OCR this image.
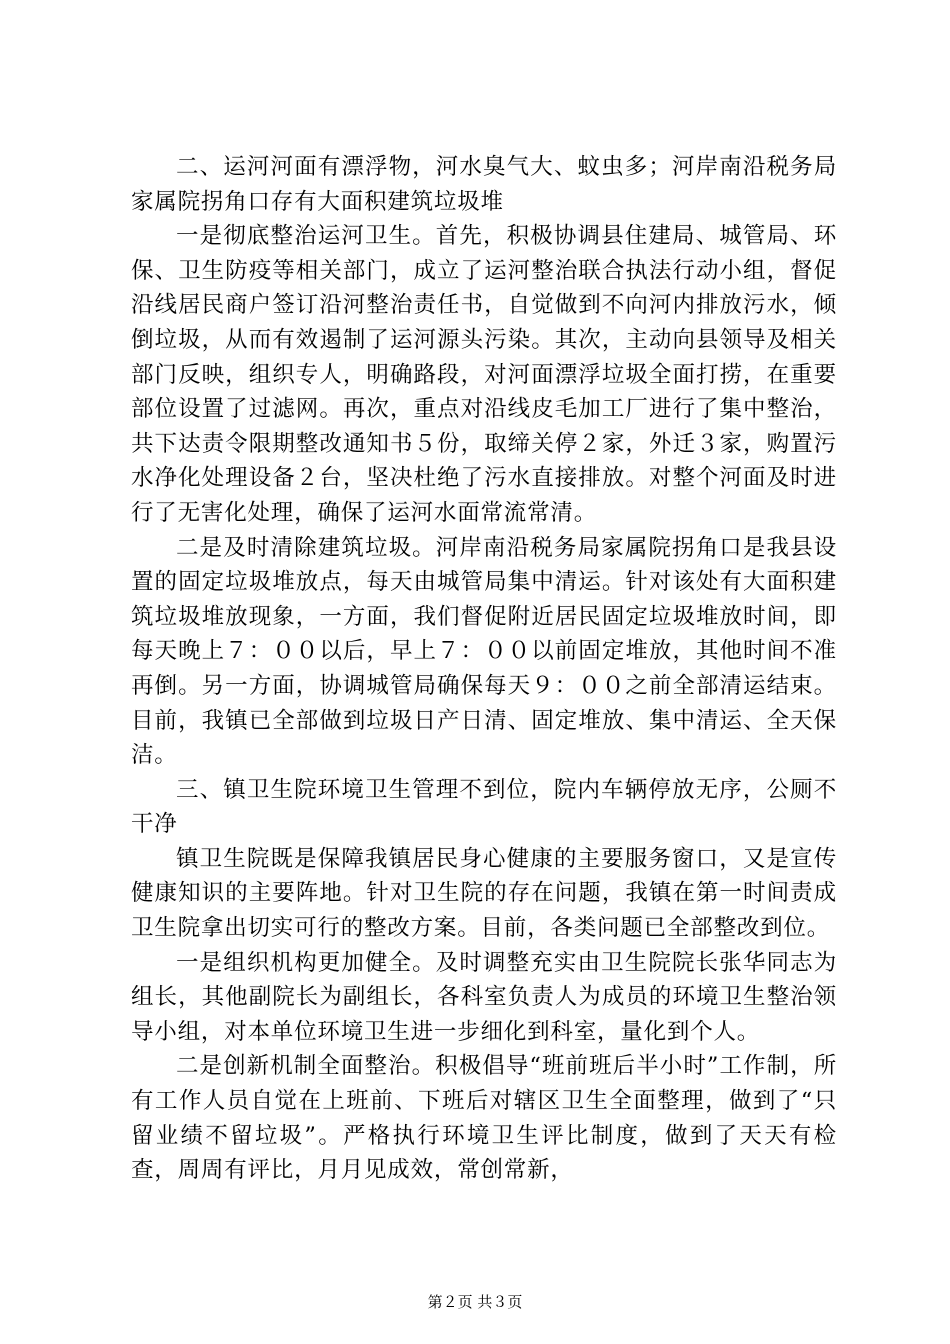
二、运河河面有漂浮物，河水臭气大、蚊虫多；河岸南沿税务局家属院拐角口存有大面积建筑垃圾堆

一是彻底整治运河卫生。首先，积极协调县住建局、城管局、环保、卫生防疫等相关部门，成立了运河整治联合执法行动小组，督促沿线居民商户签订沿河整治责任书，自觉做到不向河内排放污水，倾倒垃圾，从而有效遏制了运河源头污染。其次，主动向县领导及相关部门反映，组织专人，明确路段，对河面漂浮垃圾全面打捞，在重要部位设置了过滤网。再次，重点对沿线皮毛加工厂进行了集中整治，共下达责令限期整改通知书５份，取缔关停２家，外迁３家，购置污水净化处理设备２台，坚决杜绝了污水直接排放。对整个河面及时进行了无害化处理，确保了运河水面常流常清。

二是及时清除建筑垃圾。河岸南沿税务局家属院拐角口是我县设置的固定垃圾堆放点，每天由城管局集中清运。针对该处有大面积建筑垃圾堆放现象，一方面，我们督促附近居民固定垃圾堆放时间，即每天晚上７：００以后，早上７：００以前固定堆放，其他时间不准再倒。另一方面，协调城管局确保每天９：００之前全部清运结束。目前，我镇已全部做到垃圾日产日清、固定堆放、集中清运、全天保洁。

三、镇卫生院环境卫生管理不到位，院内车辆停放无序，公厕不干净

镇卫生院既是保障我镇居民身心健康的主要服务窗口，又是宣传健康知识的主要阵地。针对卫生院的存在问题，我镇在第一时间责成卫生院拿出切实可行的整改方案。目前，各类问题已全部整改到位。

一是组织机构更加健全。及时调整充实由卫生院院长张华同志为组长，其他副院长为副组长，各科室负责人为成员的环境卫生整治领导小组，对本单位环境卫生进一步细化到科室，量化到个人。

二是创新机制全面整治。积极倡导“班前班后半小时”工作制，所有工作人员自觉在上班前、下班后对辖区卫生全面整理，做到了“只留业绩不留垃圾”。严格执行环境卫生评比制度，做到了天天有检查，周周有评比，月月见成效，常创常新，

第２页 共３页
